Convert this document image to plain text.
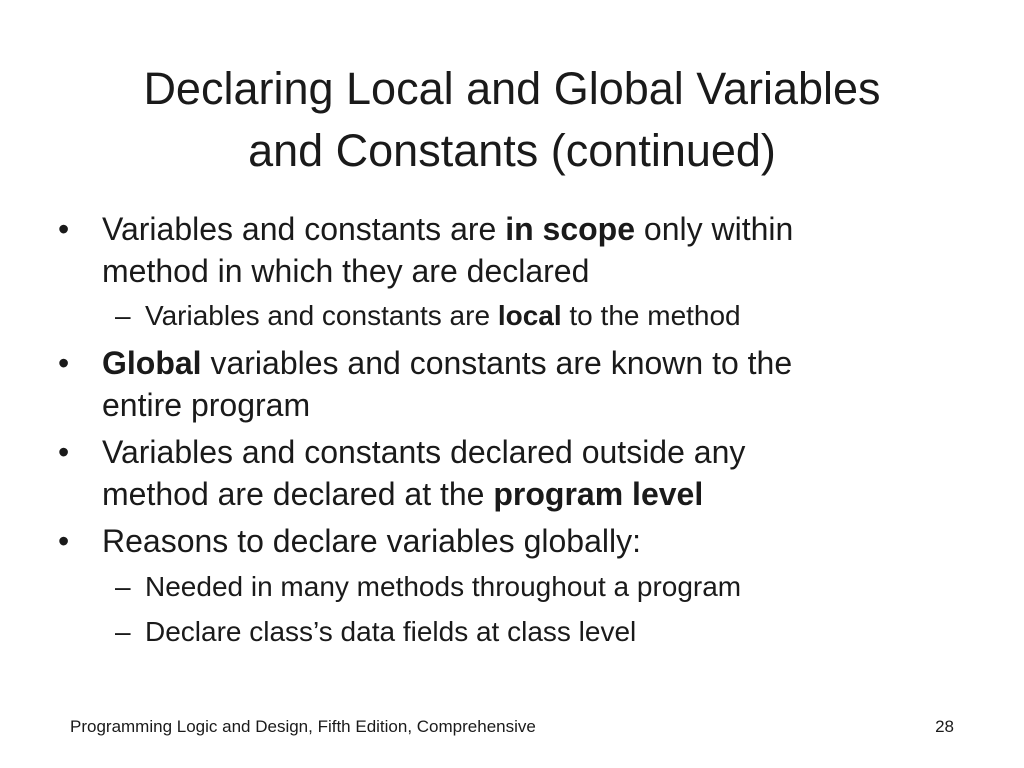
Declaring Local and Global Variables
and Constants (continued)
• Variables and constants are in scope only within
method in which they are declared
– Variables and constants are local to the method
• Global variables and constants are known to the
entire program
• Variables and constants declared outside any
method are declared at the program level
• Reasons to declare variables globally:
– Needed in many methods throughout a program
– Declare class’s data fields at class level
Programming Logic and Design, Fifth Edition, Comprehensive	28
